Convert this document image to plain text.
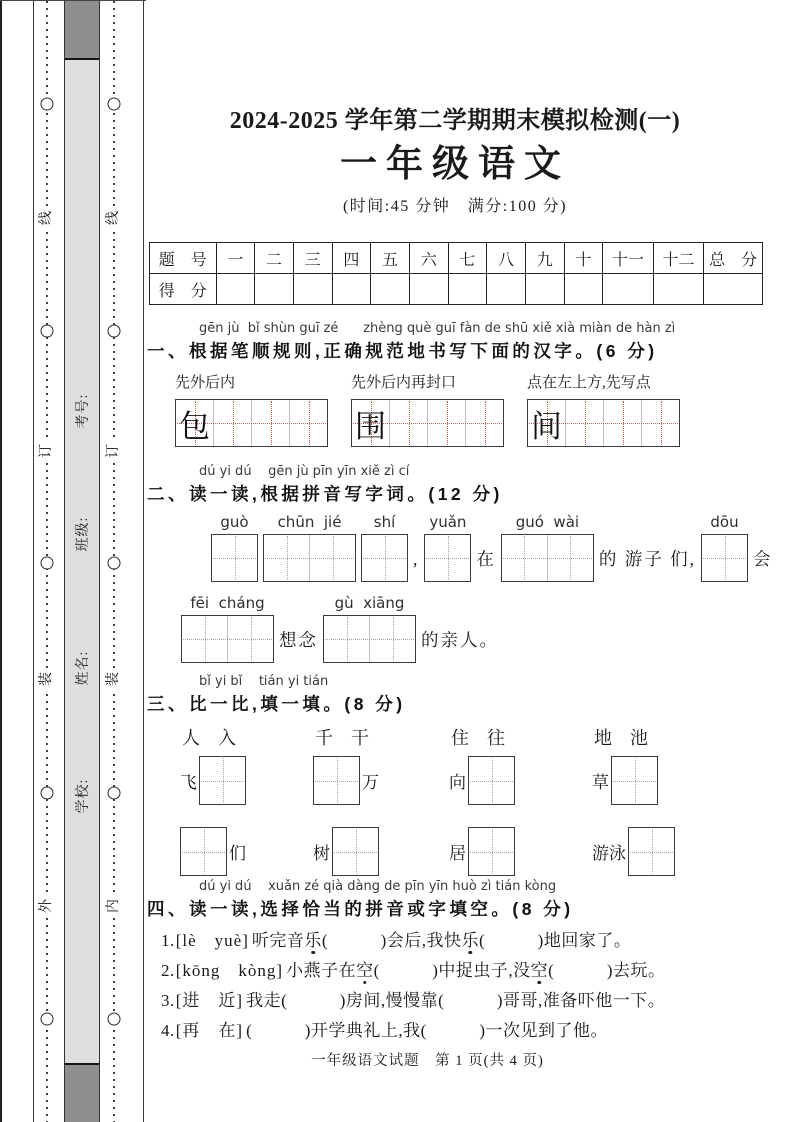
线
订
装
外
考号:
班级:
姓名:
学校:
线
订
装
内
2024-2025 学年第二学期期末模拟检测(一)
一年级语文
(时间:45 分钟　满分:100 分)
题　号	一	二	三	四	五	六	七	八	九	十	十一	十二	总　分
得　分													
gēn jù  bǐ shùn guī zé      zhèng què guī fàn de shū xiě xià miàn de hàn zì
一、根据笔顺规则,正确规范地书写下面的汉字。(6 分)
先外后内
包
先外后内再封口
围
点在左上方,先写点
间
dú yi dú    gēn jù pīn yīn xiě zì cí
二、读一读,根据拼音写字词。(12 分)
guò chūn  jié shí
,
yuǎn
在
guó  wài
的 游子 们,
dōu
会
fēi  cháng
想念
gù  xiāng
的亲人。
bǐ yi bǐ    tián yi tián
三、比一比,填一填。(8 分)
人　入
飞
们
千　干
万
树
住　往
向
居
地　池
草
游泳
dú yi dú    xuǎn zé qià dàng de pīn yīn huò zì tián kòng
四、读一读,选择恰当的拼音或字填空。(8 分)
1.[lè　yuè] 听完音乐(　　　	)会后,我快乐(　　　	)地回家了。
2.[kōng　kòng] 小燕子在空(　　　	)中捉虫子,没空(　　　	)去玩。
3.[进　近] 我走(　　　	)房间,慢慢靠(　　　	)哥哥,准备吓他一下。
4.[再　在] (　　　	)开学典礼上,我(　　　	)一次见到了他。
一年级语文试题　第 1 页(共 4 页)
